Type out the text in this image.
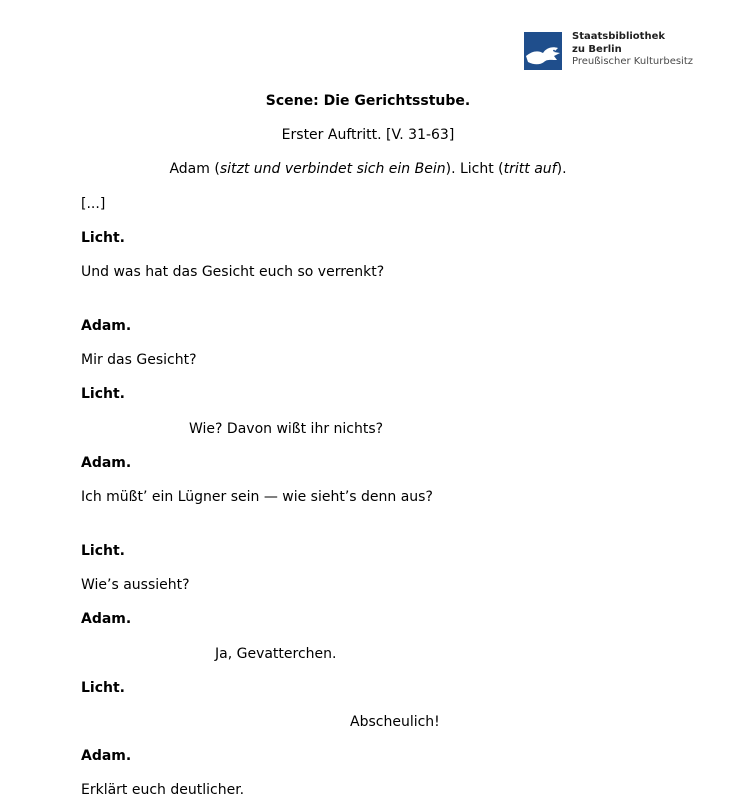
Staatsbibliothek
zu Berlin
Preußischer Kulturbesitz
Scene: Die Gerichtsstube.
Erster Auftritt. [V. 31-63]
Adam (sitzt und verbindet sich ein Bein). Licht (tritt auf).
[...]
Licht.
Und was hat das Gesicht euch so verrenkt?
Adam.
Mir das Gesicht?
Licht.
Wie? Davon wißt ihr nichts?
Adam.
Ich müßt’ ein Lügner sein — wie sieht’s denn aus?
Licht.
Wie’s aussieht?
Adam.
Ja, Gevatterchen.
Licht.
Abscheulich!
Adam.
Erklärt euch deutlicher.
